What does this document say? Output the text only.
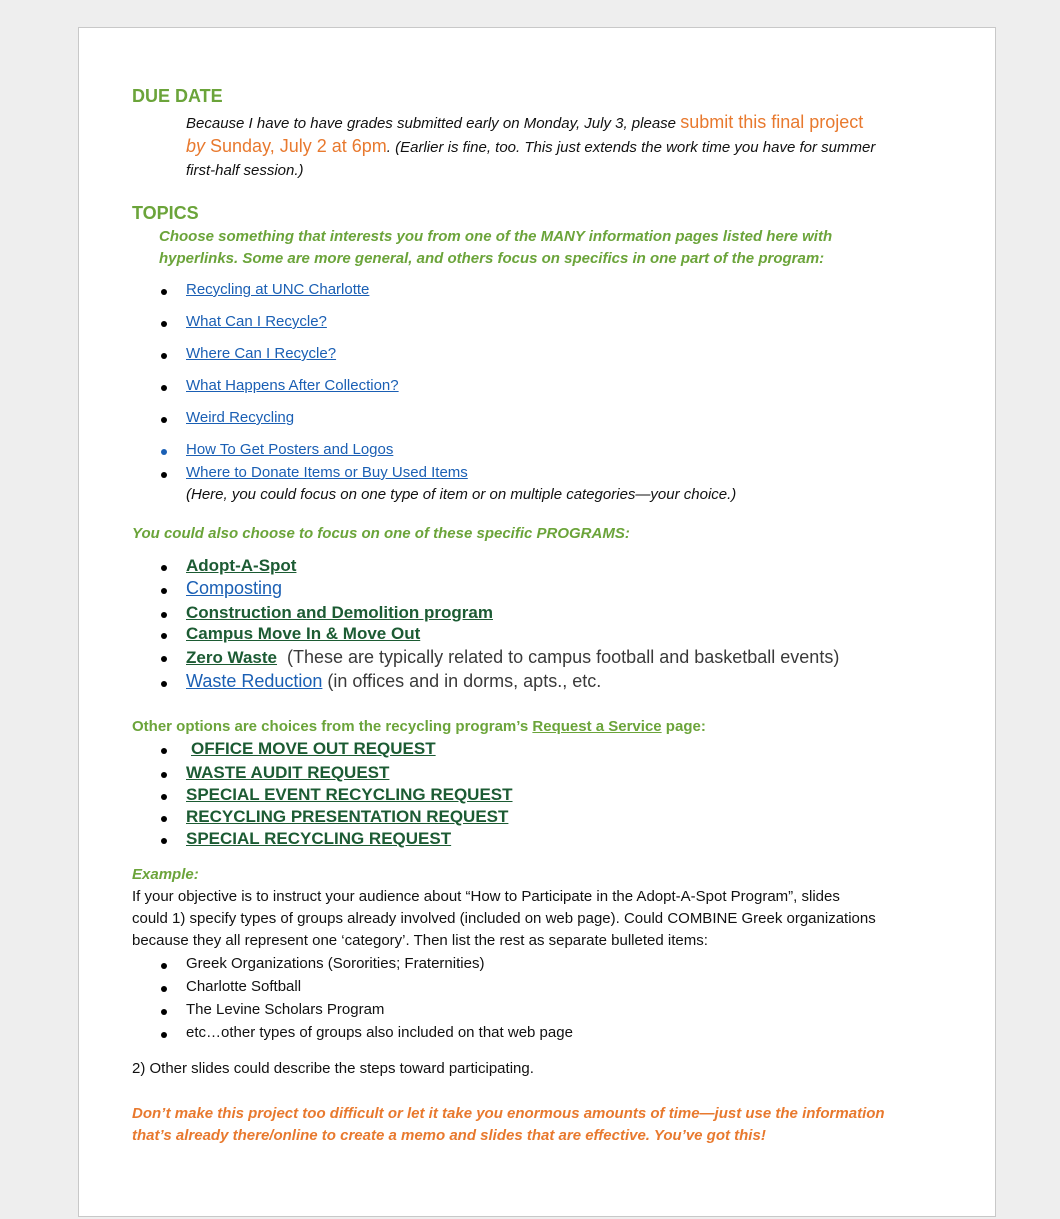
DUE DATE
Because I have to have grades submitted early on Monday, July 3, please submit this final project
by Sunday, July 2 at 6pm. (Earlier is fine, too. This just extends the work time you have for summer
first-half session.)
TOPICS
Choose something that interests you from one of the MANY information pages listed here with
hyperlinks. Some are more general, and others focus on specifics in one part of the program:
Recycling at UNC Charlotte
What Can I Recycle?
Where Can I Recycle?
What Happens After Collection?
Weird Recycling
How To Get Posters and Logos
Where to Donate Items or Buy Used Items
(Here, you could focus on one type of item or on multiple categories—your choice.)
You could also choose to focus on one of these specific PROGRAMS:
Adopt-A-Spot
Composting
Construction and Demolition program
Campus Move In & Move Out
Zero Waste (These are typically related to campus football and basketball events)
Waste Reduction (in offices and in dorms, apts., etc.
Other options are choices from the recycling program’s Request a Service page:
OFFICE MOVE OUT REQUEST
WASTE AUDIT REQUEST
SPECIAL EVENT RECYCLING REQUEST
RECYCLING PRESENTATION REQUEST
SPECIAL RECYCLING REQUEST
Example:
If your objective is to instruct your audience about “How to Participate in the Adopt-A-Spot Program”, slides
could 1) specify types of groups already involved (included on web page). Could COMBINE Greek organizations
because they all represent one ‘category’. Then list the rest as separate bulleted items:
Greek Organizations (Sororities; Fraternities)
Charlotte Softball
The Levine Scholars Program
etc…other types of groups also included on that web page
2) Other slides could describe the steps toward participating.
Don’t make this project too difficult or let it take you enormous amounts of time—just use the information
that’s already there/online to create a memo and slides that are effective. You’ve got this!
